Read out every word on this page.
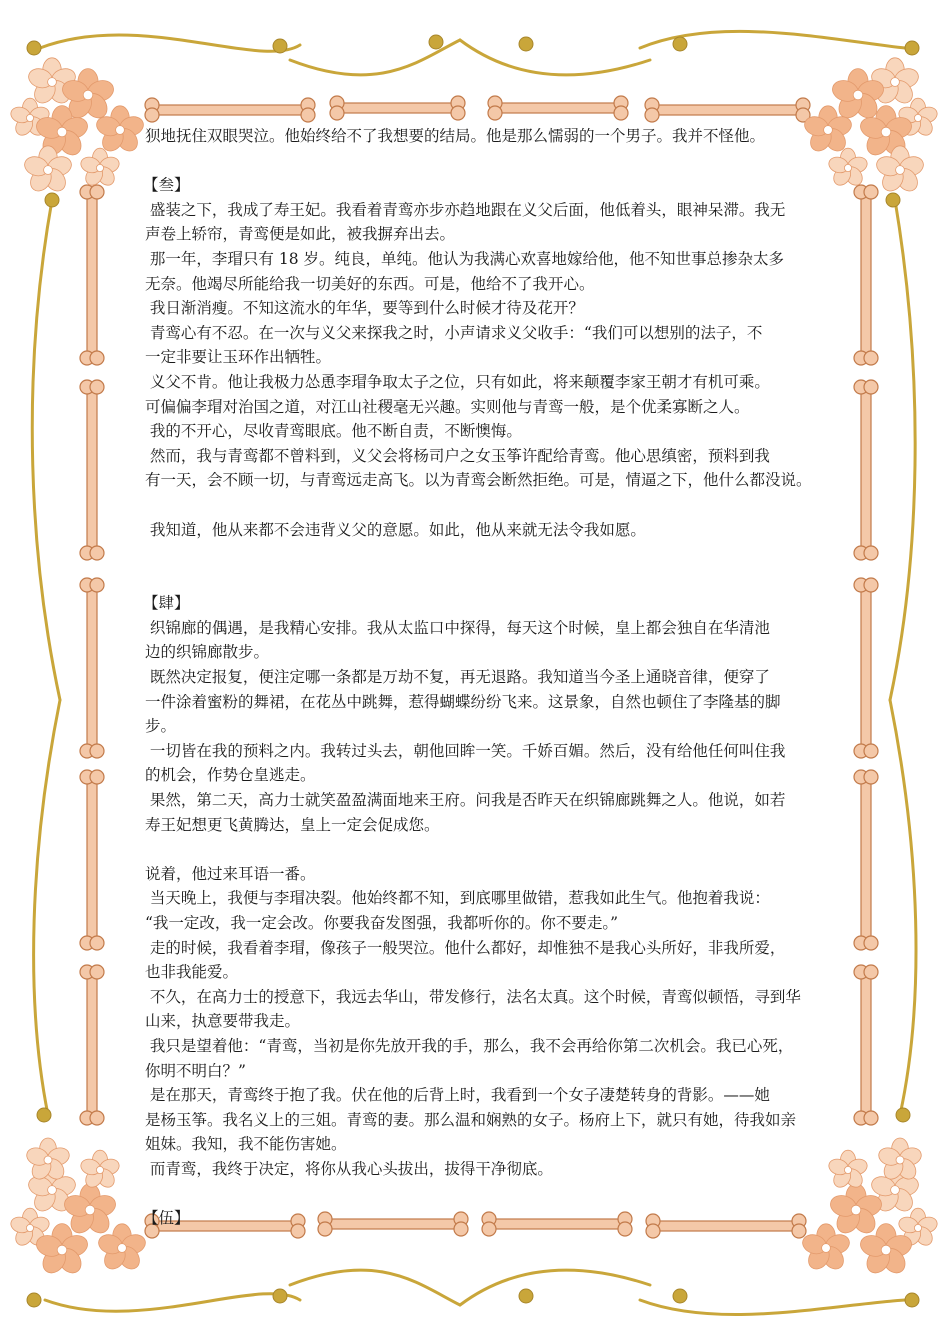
狈地抚住双眼哭泣。他始终给不了我想要的结局。他是那么懦弱的一个男子。我并不怪他。

【叁】

盛装之下，我成了寿王妃。我看着青鸾亦步亦趋地跟在义父后面，他低着头，眼神呆滞。我无

声卷上轿帘，青鸾便是如此，被我摒弃出去。

那一年，李瑁只有 18 岁。纯良，单纯。他认为我满心欢喜地嫁给他，他不知世事总掺杂太多

无奈。他竭尽所能给我一切美好的东西。可是，他给不了我开心。

我日渐消瘦。不知这流水的年华，要等到什么时候才待及花开？

青鸾心有不忍。在一次与义父来探我之时，小声请求义父收手：“我们可以想别的法子，不

一定非要让玉环作出牺牲。

义父不肯。他让我极力怂恿李瑁争取太子之位，只有如此，将来颠覆李家王朝才有机可乘。

可偏偏李瑁对治国之道，对江山社稷毫无兴趣。实则他与青鸾一般，是个优柔寡断之人。

我的不开心，尽收青鸾眼底。他不断自责，不断懊悔。

然而，我与青鸾都不曾料到，义父会将杨司户之女玉筝许配给青鸾。他心思缜密，预料到我

有一天，会不顾一切，与青鸾远走高飞。以为青鸾会断然拒绝。可是，情逼之下，他什么都没说。

我知道，他从来都不会违背义父的意愿。如此，他从来就无法令我如愿。

【肆】

织锦廊的偶遇，是我精心安排。我从太监口中探得，每天这个时候，皇上都会独自在华清池

边的织锦廊散步。

既然决定报复，便注定哪一条都是万劫不复，再无退路。我知道当今圣上通晓音律，便穿了

一件涂着蜜粉的舞裙，在花丛中跳舞，惹得蝴蝶纷纷飞来。这景象，自然也顿住了李隆基的脚

步。

一切皆在我的预料之内。我转过头去，朝他回眸一笑。千娇百媚。然后，没有给他任何叫住我

的机会，作势仓皇逃走。

果然，第二天，高力士就笑盈盈满面地来王府。问我是否昨天在织锦廊跳舞之人。他说，如若

寿王妃想更飞黄腾达，皇上一定会促成您。

说着，他过来耳语一番。

当天晚上，我便与李瑁决裂。他始终都不知，到底哪里做错，惹我如此生气。他抱着我说：

“我一定改，我一定会改。你要我奋发图强，我都听你的。你不要走。”

走的时候，我看着李瑁，像孩子一般哭泣。他什么都好，却惟独不是我心头所好，非我所爱，

也非我能爱。

不久，在高力士的授意下，我远去华山，带发修行，法名太真。这个时候，青鸾似顿悟，寻到华

山来，执意要带我走。

我只是望着他：“青鸾，当初是你先放开我的手，那么，我不会再给你第二次机会。我已心死，

你明不明白？”

是在那天，青鸾终于抱了我。伏在他的后背上时，我看到一个女子凄楚转身的背影。——她

是杨玉筝。我名义上的三姐。青鸾的妻。那么温和娴熟的女子。杨府上下，就只有她，待我如亲

姐妹。我知，我不能伤害她。

而青鸾，我终于决定，将你从我心头拔出，拔得干净彻底。

【伍】
